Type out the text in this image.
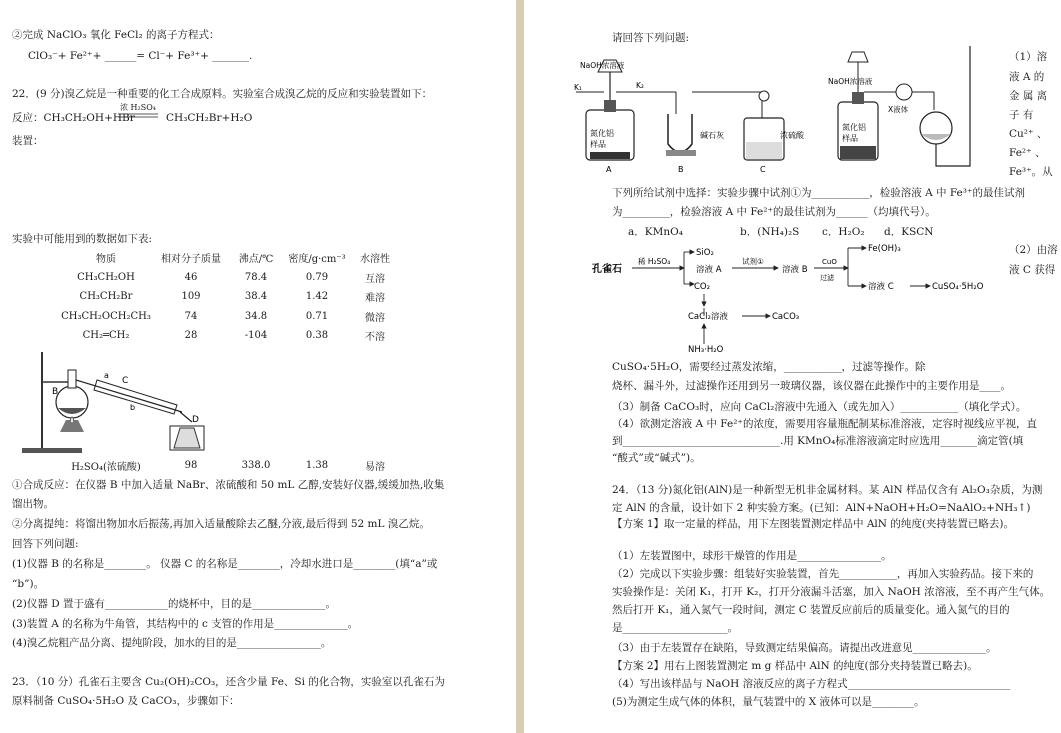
②完成 NaClO₃ 氧化 FeCl₂ 的离子方程式：
ClO₃⁻+ Fe²⁺+ ______= Cl⁻+ Fe³⁺+ _______.
22．(9 分)溴乙烷是一种重要的化工合成原料。实验室合成溴乙烷的反应和实验装置如下：
反应：CH₃CH₂OH+HBr
浓 H₂SO₄
CH₃CH₂Br+H₂O
装置：
实验中可能用到的数据如下表:
物质	相对分子质量	沸点/℃	密度/g·cm⁻³	水溶性
CH₃CH₂OH	46	78.4	0.79	互溶
CH₃CH₂Br	109	38.4	1.42	难溶
CH₃CH₂OCH₂CH₃	74	34.8	0.71	微溶
CH₂═CH₂	28	-104	0.38	不溶
a
b
C
B
D
H₂SO₄(浓硫酸)	98	338.0	1.38	易溶
①合成反应：在仪器 B 中加入适量 NaBr、浓硫酸和 50 mL 乙醇,安装好仪器,缓缓加热,收集
馏出物。
②分离提纯：将馏出物加水后振荡,再加入适量酸除去乙醚,分液,最后得到 52 mL 溴乙烷。
回答下列问题:
(1)仪器 B 的名称是________。 仪器 C 的名称是________，冷却水进口是________(填“a”或
“b”)。
(2)仪器 D 置于盛有____________的烧杯中，目的是______________。
(3)装置 A 的名称为牛角管，其结构中的 c 支管的作用是______________。
(4)溴乙烷粗产品分离、提纯阶段，加水的目的是________________。
23．（10 分）孔雀石主要含 Cu₂(OH)₂CO₃，还含少量 Fe、Si 的化合物，实验室以孔雀石为
原料制备 CuSO₄·5H₂O 及 CaCO₃，步骤如下：
请回答下列问题:
NaOH浓溶液
K₁	K₂
氮化铝
样品
碱石灰	浓硫酸
A	B	C
NaOH浓溶液
氮化铝
样品
X液体
（1）溶
液 A 的
金 属 离
子 有
Cu²⁺ 、
Fe²⁺ 、
Fe³⁺。从
下列所给试剂中选择：实验步骤中试剂①为___________，检验溶液 A 中 Fe³⁺的最佳试剂
为_________，检验溶液 A 中 Fe²⁺的最佳试剂为______（均填代号）。
a．KMnO₄	b．(NH₄)₂S c．H₂O₂ d．KSCN
孔雀石
稀 H₂SO₄
SiO₂
溶液 A
试剂①
溶液 B
CuO
过滤
Fe(OH)₃
溶液 C	CuSO₄·5H₂O
CO₂
CaCl₂溶液	CaCO₃
NH₃·H₂O
（2）由溶
液 C 获得
CuSO₄·5H₂O，需要经过蒸发浓缩，___________，过滤等操作。除
烧杯、漏斗外，过滤操作还用到另一玻璃仪器，该仪器在此操作中的主要作用是____。
（3）制备 CaCO₃时，应向 CaCl₂溶液中先通入（或先加入）___________（填化学式）。
（4）欲测定溶液 A 中 Fe²⁺的浓度，需要用容量瓶配制某标准溶液，定容时视线应平视，直
到______________________________.用 KMnO₄标准溶液滴定时应选用_______滴定管(填
“酸式”或“碱式”)。
24．（13 分)氮化铝(AlN)是一种新型无机非金属材料。某 AlN 样品仅含有 Al₂O₃杂质，为测
定 AlN 的含量，设计如下 2 种实验方案。(已知：AlN+NaOH+H₂O=NaAlO₂+NH₃↑)
【方案 1】取一定量的样品，用下左图装置测定样品中 AlN 的纯度(夹持装置已略去)。
（1）左装置图中，球形干燥管的作用是________________。
（2）完成以下实验步骤：组装好实验装置，首先___________，再加入实验药品。接下来的
实验操作是：关闭 K₁，打开 K₂，打开分液漏斗活塞，加入 NaOH 浓溶液，至不再产生气体。
然后打开 K₁，通入氮气一段时间，测定 C 装置反应前后的质量变化。通入氮气的目的
是____________________。
（3）由于左装置存在缺陷，导致测定结果偏高。请提出改进意见______________。
【方案 2】用右上图装置测定 m g 样品中 AlN 的纯度(部分夹持装置已略去)。
（4）写出该样品与 NaOH 溶液反应的离子方程式_______________________________
(5)为测定生成气体的体积，量气装置中的 X 液体可以是________。
